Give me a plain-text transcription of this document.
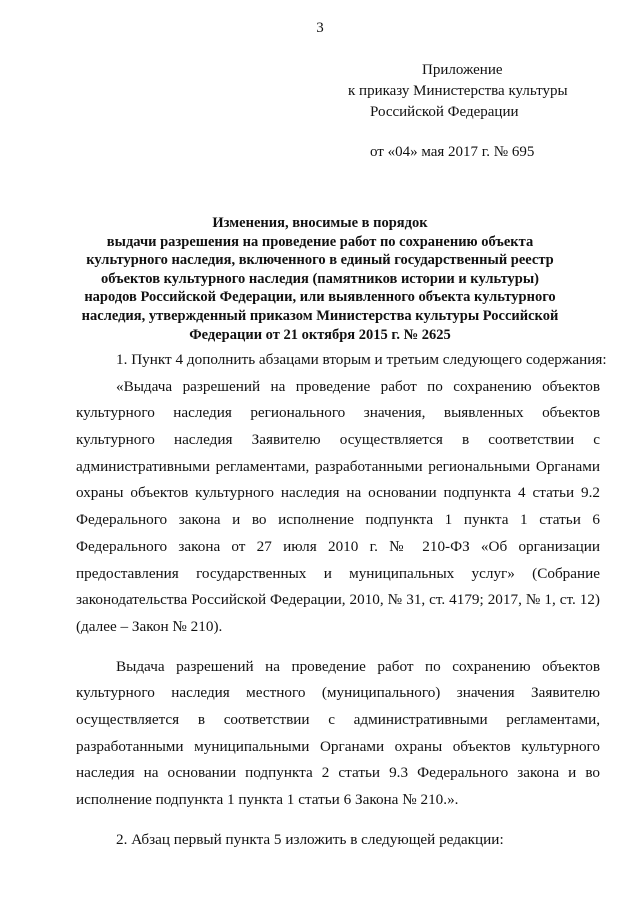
3
Приложение
к приказу Министерства культуры
Российской Федерации
от «04» мая 2017 г. № 695
Изменения, вносимые в порядок
выдачи разрешения на проведение работ по сохранению объекта
культурного наследия, включенного в единый государственный реестр
объектов культурного наследия (памятников истории и культуры)
народов Российской Федерации, или выявленного объекта культурного
наследия, утвержденный приказом Министерства культуры Российской
Федерации от 21 октября 2015 г. № 2625
1. Пункт 4 дополнить абзацами вторым и третьим следующего содержания:
«Выдача разрешений на проведение работ по сохранению объектов
культурного наследия регионального значения, выявленных объектов
культурного наследия Заявителю осуществляется в соответствии с
административными регламентами, разработанными региональными Органами
охраны объектов культурного наследия на основании подпункта 4 статьи 9.2
Федерального закона и во исполнение подпункта 1 пункта 1 статьи 6
Федерального закона от 27 июля 2010 г. № 210-ФЗ «Об организации
предоставления государственных и муниципальных услуг» (Собрание
законодательства Российской Федерации, 2010, № 31, ст. 4179; 2017, № 1, ст. 12)
(далее – Закон № 210).
Выдача разрешений на проведение работ по сохранению объектов
культурного наследия местного (муниципального) значения Заявителю
осуществляется в соответствии с административными регламентами,
разработанными муниципальными Органами охраны объектов культурного
наследия на основании подпункта 2 статьи 9.3 Федерального закона и во
исполнение подпункта 1 пункта 1 статьи 6 Закона № 210.».
2. Абзац первый пункта 5 изложить в следующей редакции:
